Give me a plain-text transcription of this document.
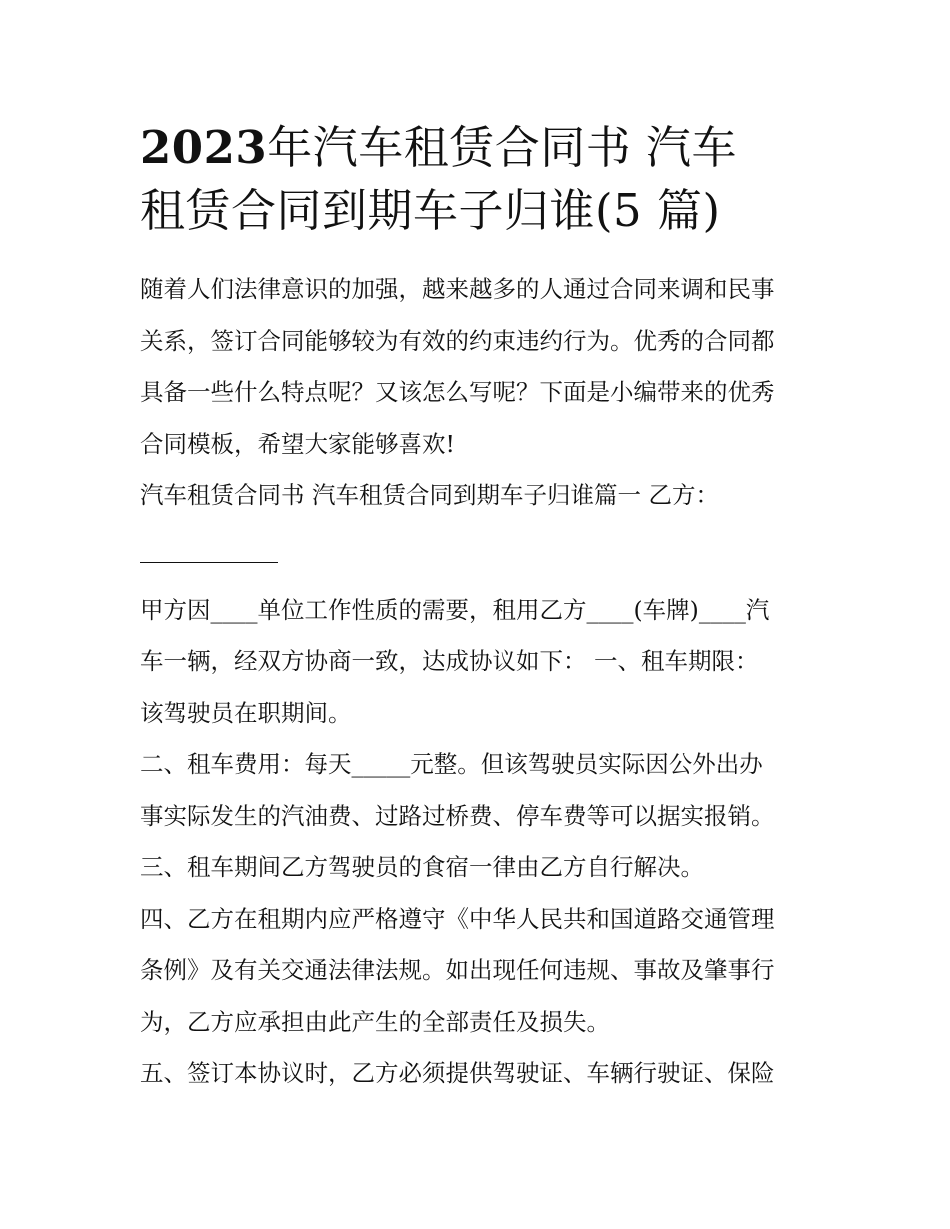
2023年汽车租赁合同书 汽车
租赁合同到期车子归谁(5 篇)

随着人们法律意识的加强，越来越多的人通过合同来调和民事
关系，签订合同能够较为有效的约束违约行为。优秀的合同都
具备一些什么特点呢？又该怎么写呢？下面是小编带来的优秀
合同模板，希望大家能够喜欢!

汽车租赁合同书 汽车租赁合同到期车子归谁篇一 乙方：

甲方因____单位工作性质的需要，租用乙方____(车牌)____汽
车一辆，经双方协商一致，达成协议如下： 一、租车期限：
该驾驶员在职期间。

二、租车费用：每天_____元整。但该驾驶员实际因公外出办
事实际发生的汽油费、过路过桥费、停车费等可以据实报销。

三、租车期间乙方驾驶员的食宿一律由乙方自行解决。

四、乙方在租期内应严格遵守《中华人民共和国道路交通管理
条例》及有关交通法律法规。如出现任何违规、事故及肇事行
为，乙方应承担由此产生的全部责任及损失。

五、签订本协议时，乙方必须提供驾驶证、车辆行驶证、保险
